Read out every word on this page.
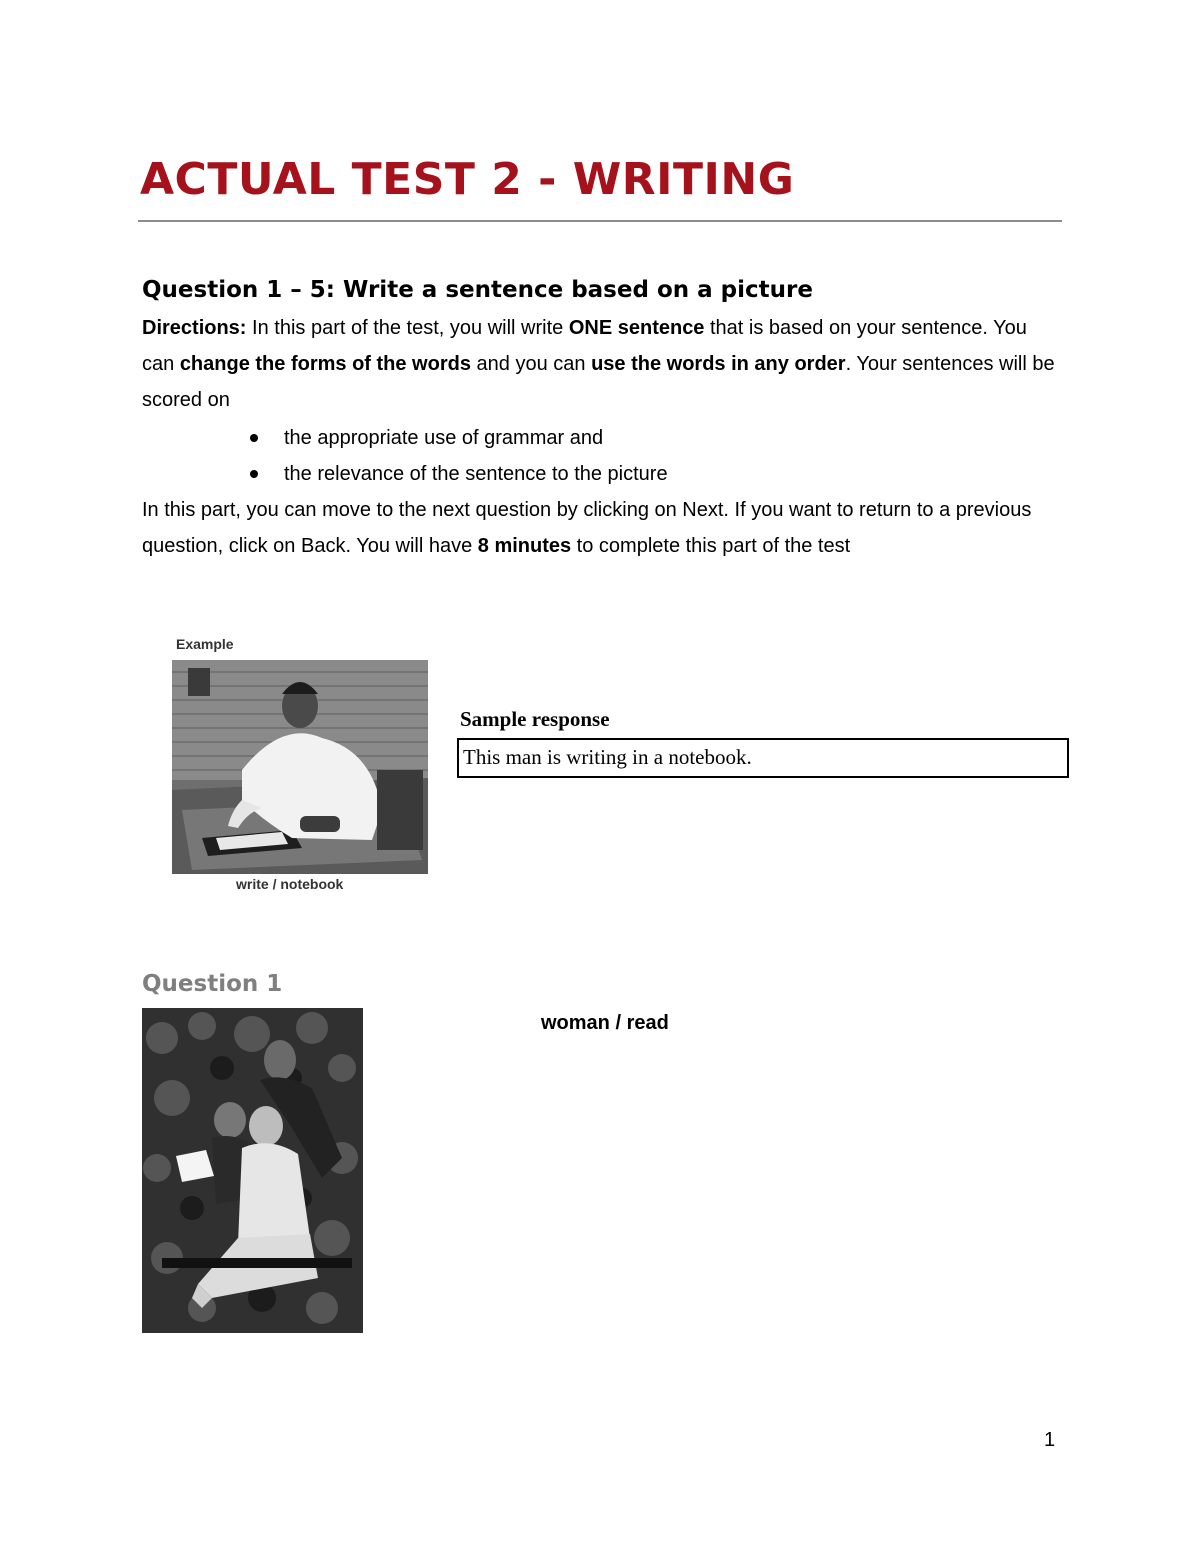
ACTUAL TEST 2 - WRITING
Question 1 – 5: Write a sentence based on a picture
Directions: In this part of the test, you will write ONE sentence that is based on your sentence. You can change the forms of the words and you can use the words in any order. Your sentences will be scored on
the appropriate use of grammar and
the relevance of the sentence to the picture
In this part, you can move to the next question by clicking on Next. If you want to return to a previous question, click on Back. You will have 8 minutes to complete this part of the test
Example
write / notebook
Sample response
This man is writing in a notebook.
Question 1
woman / read
1
